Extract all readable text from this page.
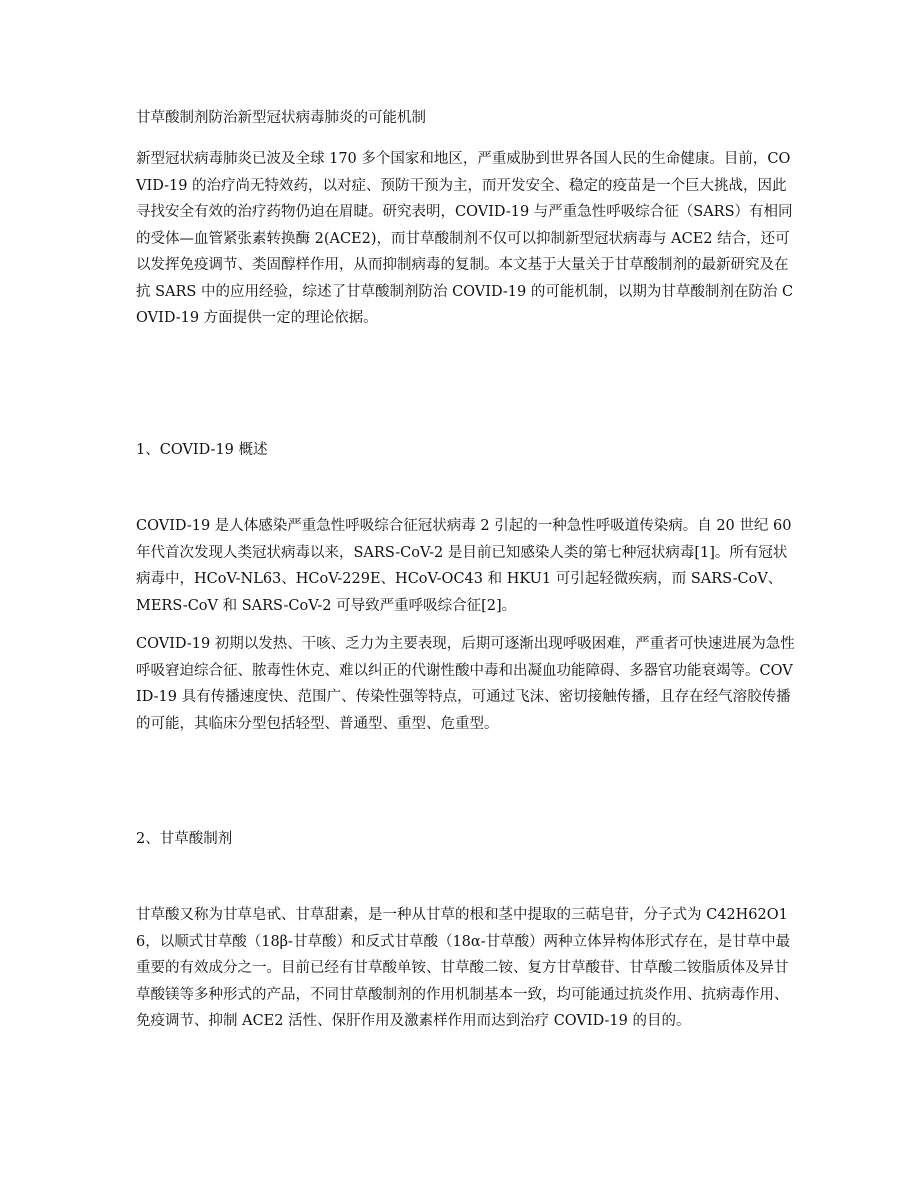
甘草酸制剂防治新型冠状病毒肺炎的可能机制

新型冠状病毒肺炎已波及全球 170 多个国家和地区，严重威胁到世界各国人民的生命健康。目前，COVID-19 的治疗尚无特效药，以对症、预防干预为主，而开发安全、稳定的疫苗是一个巨大挑战，因此寻找安全有效的治疗药物仍迫在眉睫。研究表明，COVID-19 与严重急性呼吸综合征（SARS）有相同的受体—血管紧张素转换酶 2(ACE2)，而甘草酸制剂不仅可以抑制新型冠状病毒与 ACE2 结合，还可以发挥免疫调节、类固醇样作用，从而抑制病毒的复制。本文基于大量关于甘草酸制剂的最新研究及在抗 SARS 中的应用经验，综述了甘草酸制剂防治 COVID-19 的可能机制，以期为甘草酸制剂在防治 COVID-19 方面提供一定的理论依据。

1、COVID-19 概述

COVID-19 是人体感染严重急性呼吸综合征冠状病毒 2 引起的一种急性呼吸道传染病。自 20 世纪 60 年代首次发现人类冠状病毒以来，SARS-CoV-2 是目前已知感染人类的第七种冠状病毒[1]。所有冠状病毒中，HCoV-NL63、HCoV-229E、HCoV-OC43 和 HKU1 可引起轻微疾病，而 SARS-CoV、MERS-CoV 和 SARS-CoV-2 可导致严重呼吸综合征[2]。

COVID-19 初期以发热、干咳、乏力为主要表现，后期可逐渐出现呼吸困难，严重者可快速进展为急性呼吸窘迫综合征、脓毒性休克、难以纠正的代谢性酸中毒和出凝血功能障碍、多器官功能衰竭等。COVID-19 具有传播速度快、范围广、传染性强等特点，可通过飞沫、密切接触传播，且存在经气溶胶传播的可能，其临床分型包括轻型、普通型、重型、危重型。

2、甘草酸制剂

甘草酸又称为甘草皂甙、甘草甜素，是一种从甘草的根和茎中提取的三萜皂苷，分子式为 C42H62O16，以顺式甘草酸（18β-甘草酸）和反式甘草酸（18α-甘草酸）两种立体异构体形式存在，是甘草中最重要的有效成分之一。目前已经有甘草酸单铵、甘草酸二铵、复方甘草酸苷、甘草酸二铵脂质体及异甘草酸镁等多种形式的产品，不同甘草酸制剂的作用机制基本一致，均可能通过抗炎作用、抗病毒作用、免疫调节、抑制 ACE2 活性、保肝作用及激素样作用而达到治疗 COVID-19 的目的。
